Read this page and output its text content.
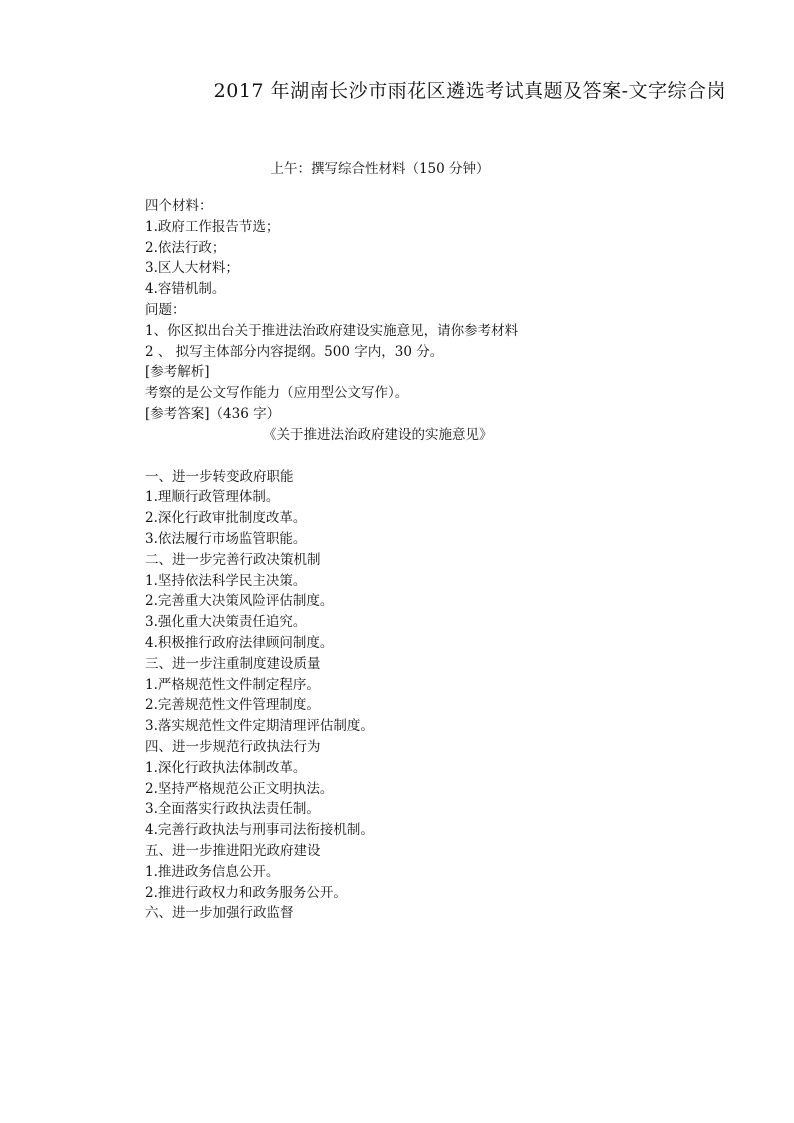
2017 年湖南长沙市雨花区遴选考试真题及答案-文字综合岗
上午：撰写综合性材料（150 分钟）
四个材料：
1.政府工作报告节选；
2.依法行政；
3.区人大材料；
4.容错机制。
问题：
1、你区拟出台关于推进法治政府建设实施意见，请你参考材料
2 、 拟写主体部分内容提纲。500 字内，30 分。
[参考解析]
考察的是公文写作能力（应用型公文写作）。
[参考答案]（436 字）
《关于推进法治政府建设的实施意见》
一、进一步转变政府职能
1.理顺行政管理体制。
2.深化行政审批制度改革。
3.依法履行市场监管职能。
二、进一步完善行政决策机制
1.坚持依法科学民主决策。
2.完善重大决策风险评估制度。
3.强化重大决策责任追究。
4.积极推行政府法律顾问制度。
三、进一步注重制度建设质量
1.严格规范性文件制定程序。
2.完善规范性文件管理制度。
3.落实规范性文件定期清理评估制度。
四、进一步规范行政执法行为
1.深化行政执法体制改革。
2.坚持严格规范公正文明执法。
3.全面落实行政执法责任制。
4.完善行政执法与刑事司法衔接机制。
五、进一步推进阳光政府建设
1.推进政务信息公开。
2.推进行政权力和政务服务公开。
六、进一步加强行政监督
